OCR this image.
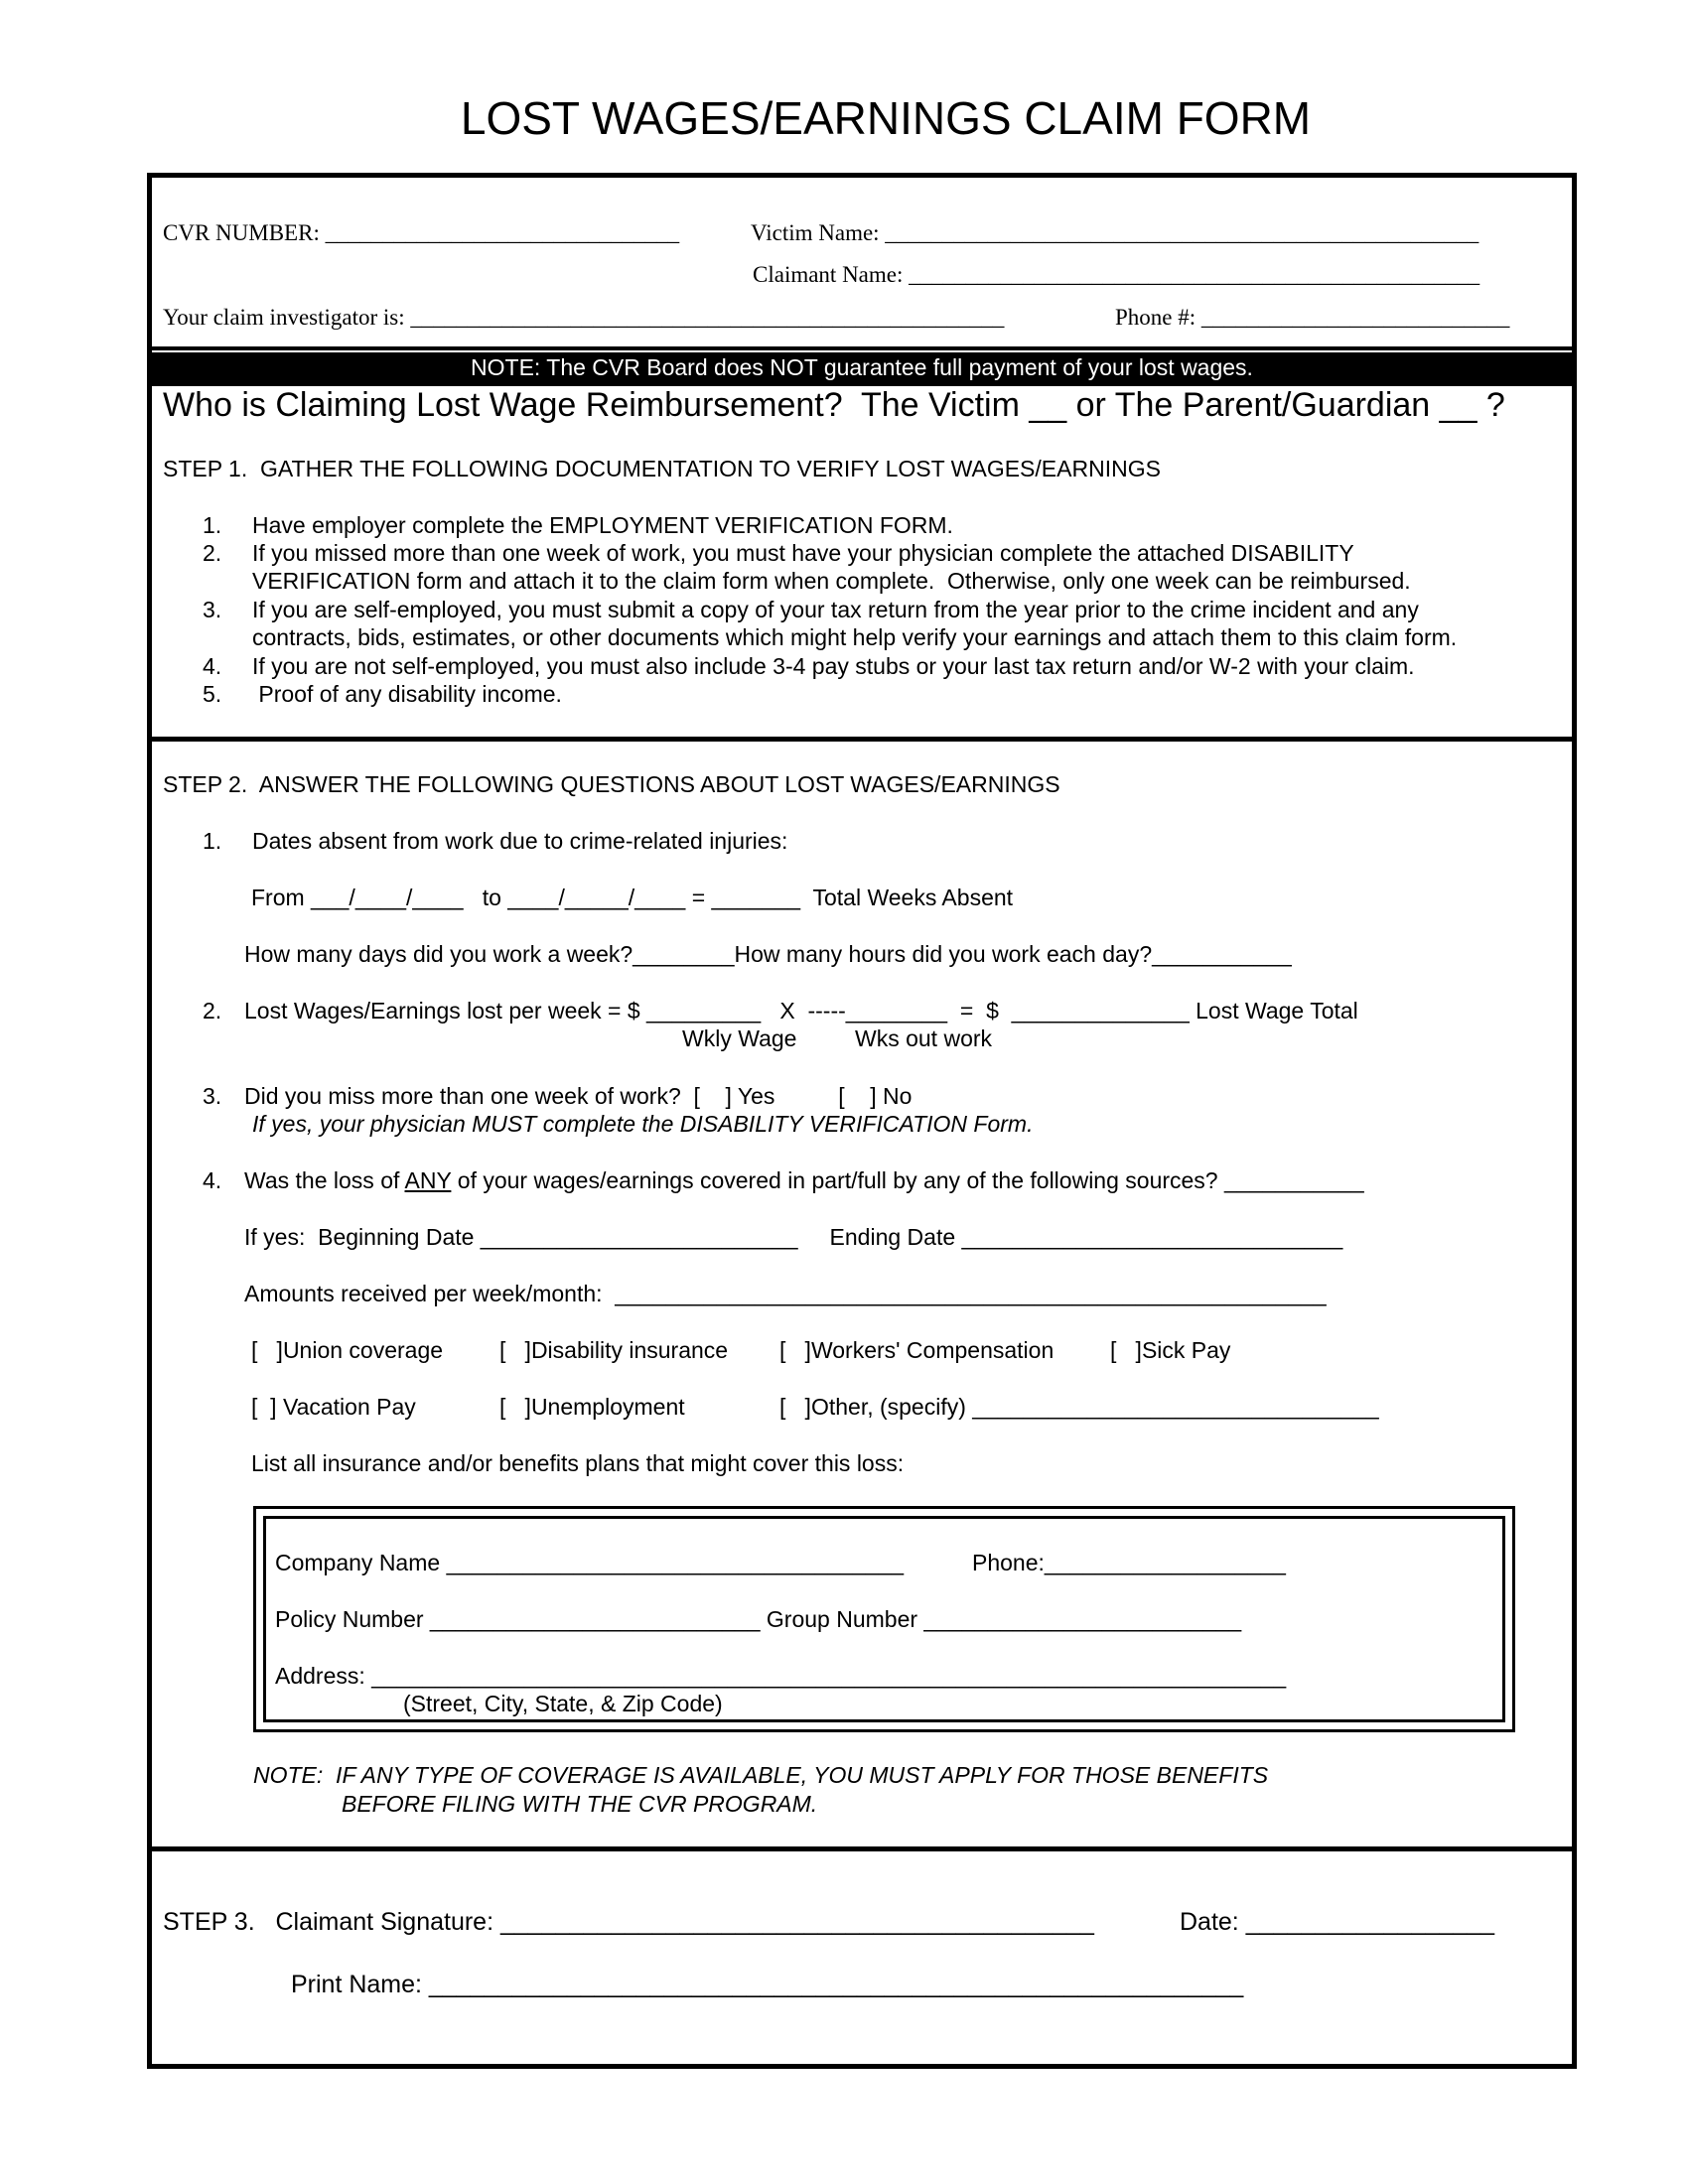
LOST WAGES/EARNINGS CLAIM FORM
CVR NUMBER: _______________________________	Victim Name: ____________________________________________________
Claimant Name: __________________________________________________
Your claim investigator is: ____________________________________________________	Phone #: ___________________________
NOTE: The CVR Board does NOT guarantee full payment of your lost wages.
Who is Claiming Lost Wage Reimbursement?  The Victim __ or The Parent/Guardian __ ?
STEP 1.  GATHER THE FOLLOWING DOCUMENTATION TO VERIFY LOST WAGES/EARNINGS
1. Have employer complete the EMPLOYMENT VERIFICATION FORM.
2. If you missed more than one week of work, you must have your physician complete the attached DISABILITY
VERIFICATION form and attach it to the claim form when complete.  Otherwise, only one week can be reimbursed.
3. If you are self-employed, you must submit a copy of your tax return from the year prior to the crime incident and any
contracts, bids, estimates, or other documents which might help verify your earnings and attach them to this claim form.
4. If you are not self-employed, you must also include 3-4 pay stubs or your last tax return and/or W-2 with your claim.
5. Proof of any disability income.
STEP 2.  ANSWER THE FOLLOWING QUESTIONS ABOUT LOST WAGES/EARNINGS
1. Dates absent from work due to crime-related injuries:
From ___/____/____   to ____/_____/____ = _______  Total Weeks Absent
How many days did you work a week?________How many hours did you work each day?___________
2. Lost Wages/Earnings lost per week = $ _________   X  -----________  =  $  ______________ Lost Wage Total
Wkly Wage	Wks out work
3. Did you miss more than one week of work?  [    ] Yes          [    ] No
If yes, your physician MUST complete the DISABILITY VERIFICATION Form.
4. Was the loss of ANY of your wages/earnings covered in part/full by any of the following sources? ___________
If yes:  Beginning Date _________________________     Ending Date ______________________________
Amounts received per week/month:  ________________________________________________________
[   ]Union coverage [   ]Disability insurance [   ]Workers' Compensation [   ]Sick Pay
[  ] Vacation Pay	[   ]Unemployment	[   ]Other, (specify) ________________________________
List all insurance and/or benefits plans that might cover this loss:
Company Name ____________________________________	Phone:___________________
Policy Number __________________________ Group Number _________________________
Address: ________________________________________________________________________
(Street, City, State, & Zip Code)
NOTE:  IF ANY TYPE OF COVERAGE IS AVAILABLE, YOU MUST APPLY FOR THOSE BENEFITS
BEFORE FILING WITH THE CVR PROGRAM.
STEP 3.   Claimant Signature: ___________________________________________	Date: __________________
Print Name: ___________________________________________________________
